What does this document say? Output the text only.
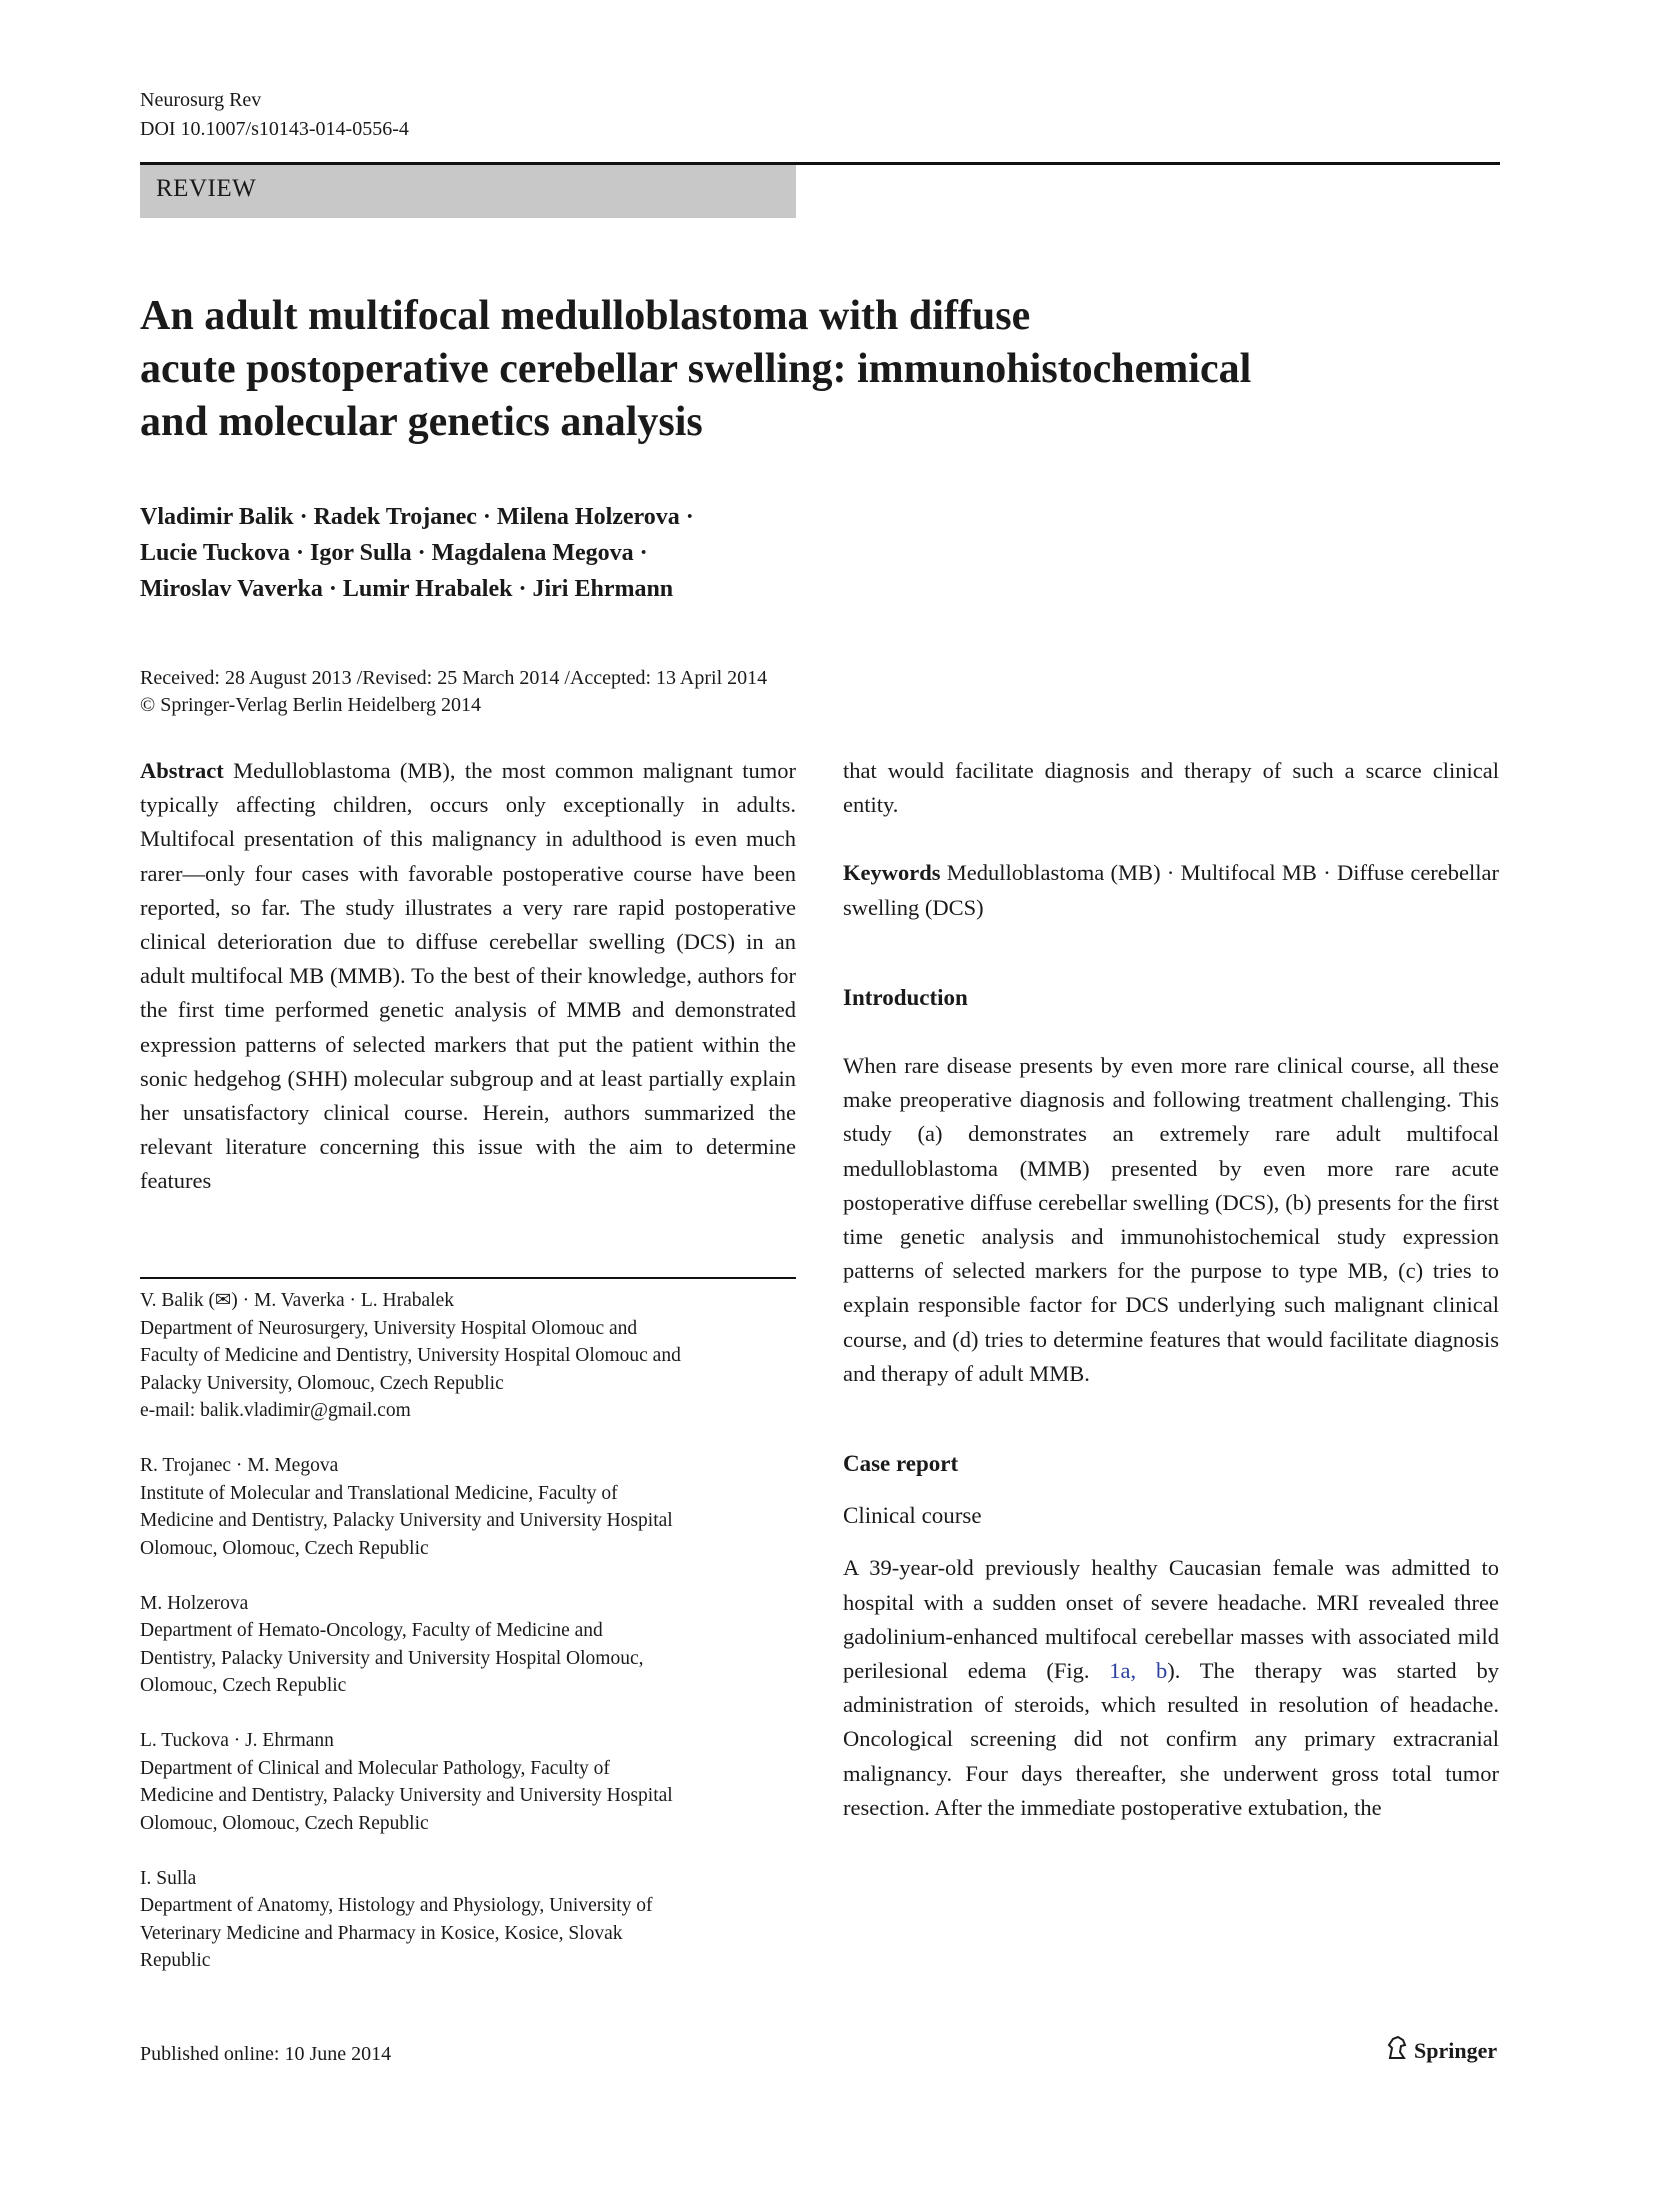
Neurosurg Rev
DOI 10.1007/s10143-014-0556-4
REVIEW
An adult multifocal medulloblastoma with diffuse
acute postoperative cerebellar swelling: immunohistochemical
and molecular genetics analysis
Vladimir Balik · Radek Trojanec · Milena Holzerova ·
Lucie Tuckova · Igor Sulla · Magdalena Megova ·
Miroslav Vaverka · Lumir Hrabalek · Jiri Ehrmann
Received: 28 August 2013 /Revised: 25 March 2014 /Accepted: 13 April 2014
© Springer-Verlag Berlin Heidelberg 2014

Abstract Medulloblastoma (MB), the most common malignant tumor typically affecting children, occurs only exceptionally in adults. Multifocal presentation of this malignancy in adulthood is even much rarer—only four cases with favorable postoperative course have been reported, so far. The study illustrates a very rare rapid postoperative clinical deterioration due to diffuse cerebellar swelling (DCS) in an adult multifocal MB (MMB). To the best of their knowledge, authors for the first time performed genetic analysis of MMB and demonstrated expression patterns of selected markers that put the patient within the sonic hedgehog (SHH) molecular subgroup and at least partially explain her unsatisfactory clinical course. Herein, authors summarized the relevant literature concerning this issue with the aim to determine features

V. Balik (✉) · M. Vaverka · L. Hrabalek
Department of Neurosurgery, University Hospital Olomouc and
Faculty of Medicine and Dentistry, University Hospital Olomouc and
Palacky University, Olomouc, Czech Republic
e-mail: balik.vladimir@gmail.com
R. Trojanec · M. Megova
Institute of Molecular and Translational Medicine, Faculty of
Medicine and Dentistry, Palacky University and University Hospital
Olomouc, Olomouc, Czech Republic
M. Holzerova
Department of Hemato-Oncology, Faculty of Medicine and
Dentistry, Palacky University and University Hospital Olomouc,
Olomouc, Czech Republic
L. Tuckova · J. Ehrmann
Department of Clinical and Molecular Pathology, Faculty of
Medicine and Dentistry, Palacky University and University Hospital
Olomouc, Olomouc, Czech Republic
I. Sulla
Department of Anatomy, Histology and Physiology, University of
Veterinary Medicine and Pharmacy in Kosice, Kosice, Slovak
Republic

that would facilitate diagnosis and therapy of such a scarce clinical entity.

Keywords Medulloblastoma (MB) · Multifocal MB · Diffuse cerebellar swelling (DCS)

Introduction

When rare disease presents by even more rare clinical course, all these make preoperative diagnosis and following treatment challenging. This study (a) demonstrates an extremely rare adult multifocal medulloblastoma (MMB) presented by even more rare acute postoperative diffuse cerebellar swelling (DCS), (b) presents for the first time genetic analysis and immunohistochemical study expression patterns of selected markers for the purpose to type MB, (c) tries to explain responsible factor for DCS underlying such malignant clinical course, and (d) tries to determine features that would facilitate diagnosis and therapy of adult MMB.

Case report
Clinical course

A 39-year-old previously healthy Caucasian female was admitted to hospital with a sudden onset of severe headache. MRI revealed three gadolinium-enhanced multifocal cerebellar masses with associated mild perilesional edema (Fig. 1a, b). The therapy was started by administration of steroids, which resulted in resolution of headache. Oncological screening did not confirm any primary extracranial malignancy. Four days thereafter, she underwent gross total tumor resection. After the immediate postoperative extubation, the

Published online: 10 June 2014	Springer
